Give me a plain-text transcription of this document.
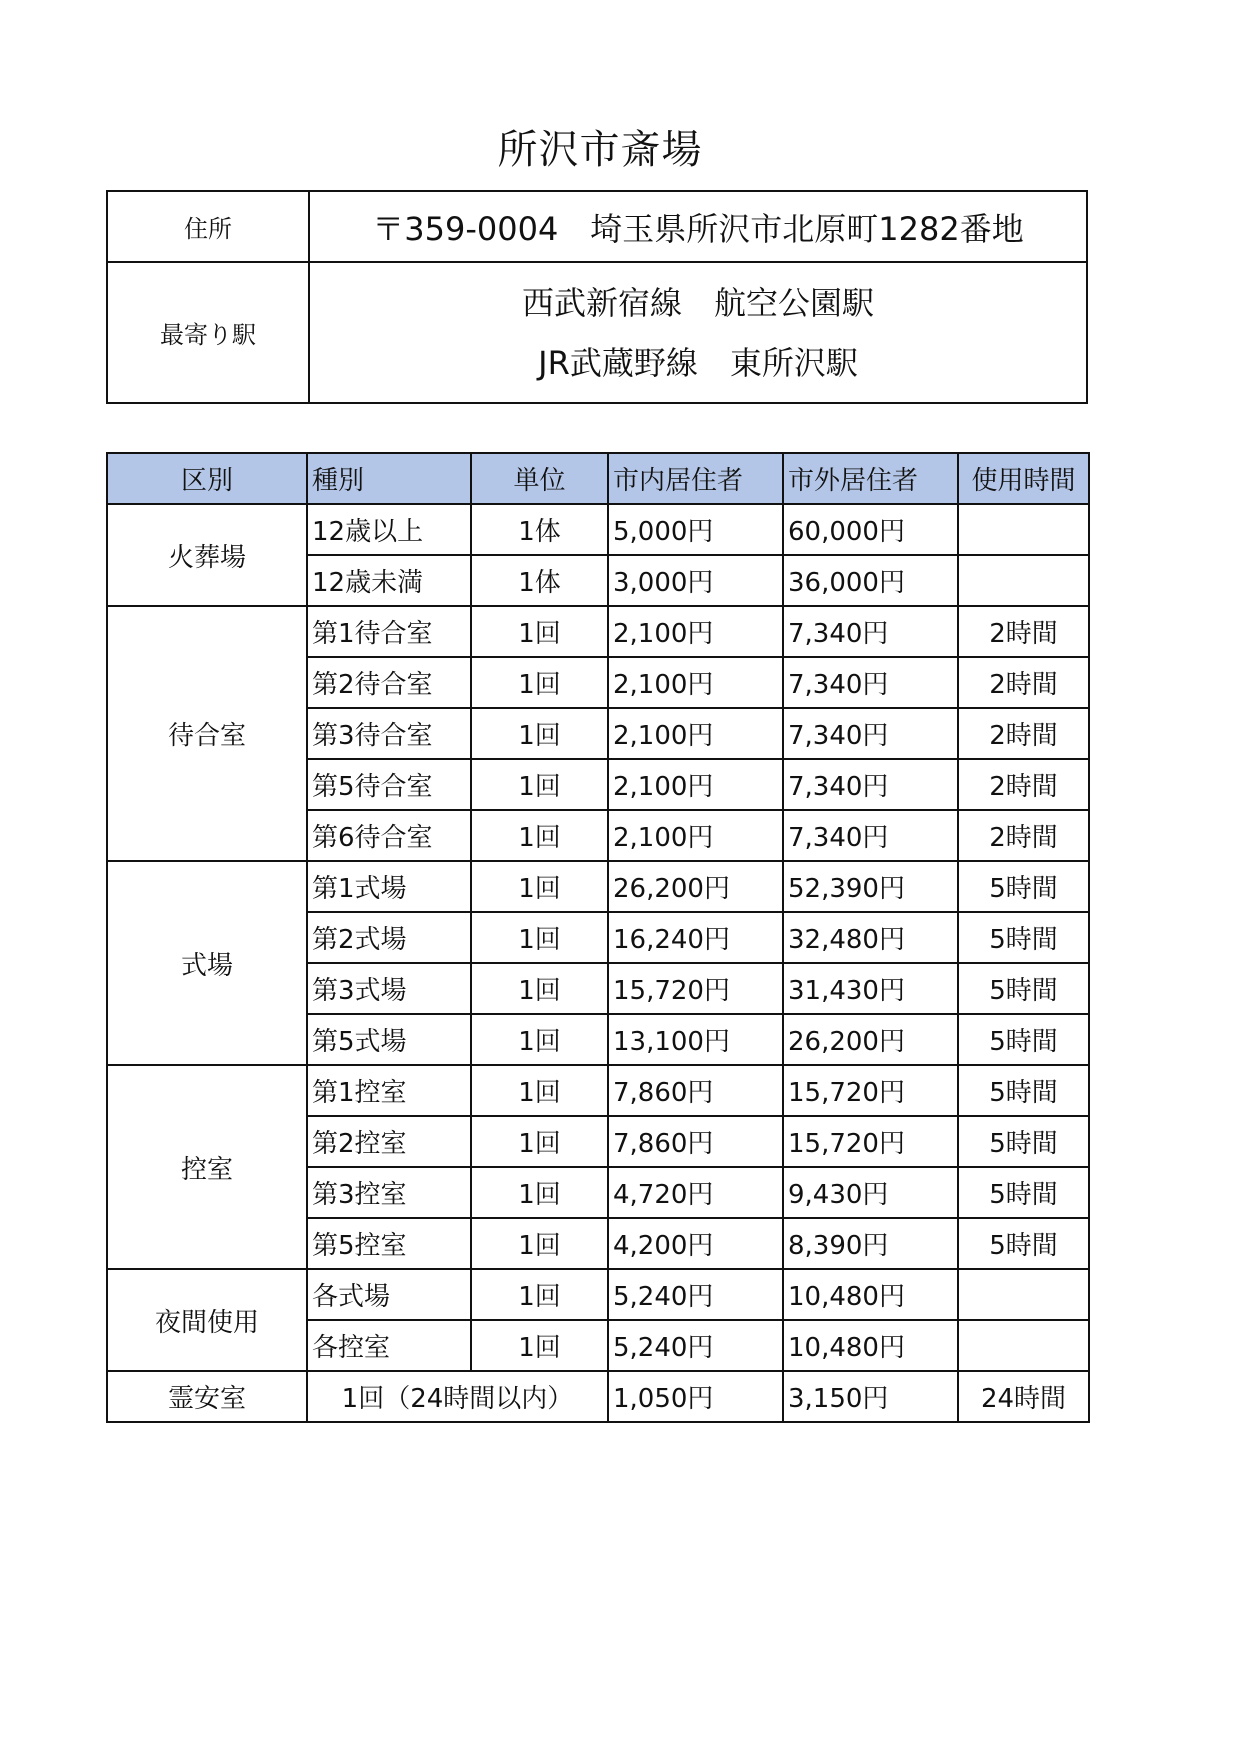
所沢市斎場
住所	〒359-0004　埼玉県所沢市北原町1282番地
最寄り駅	西武新宿線　航空公園駅
JR武蔵野線　東所沢駅
区別	種別	単位	市内居住者	市外居住者	使用時間
火葬場	12歳以上	1体	5,000円	60,000円	
	12歳未満	1体	3,000円	36,000円	
待合室	第1待合室	1回	2,100円	7,340円	2時間
	第2待合室	1回	2,100円	7,340円	2時間
	第3待合室	1回	2,100円	7,340円	2時間
	第5待合室	1回	2,100円	7,340円	2時間
	第6待合室	1回	2,100円	7,340円	2時間
式場	第1式場	1回	26,200円	52,390円	5時間
	第2式場	1回	16,240円	32,480円	5時間
	第3式場	1回	15,720円	31,430円	5時間
	第5式場	1回	13,100円	26,200円	5時間
控室	第1控室	1回	7,860円	15,720円	5時間
	第2控室	1回	7,860円	15,720円	5時間
	第3控室	1回	4,720円	9,430円	5時間
	第5控室	1回	4,200円	8,390円	5時間
夜間使用	各式場	1回	5,240円	10,480円	
	各控室	1回	5,240円	10,480円	
霊安室	1回（24時間以内）		1,050円	3,150円	24時間
